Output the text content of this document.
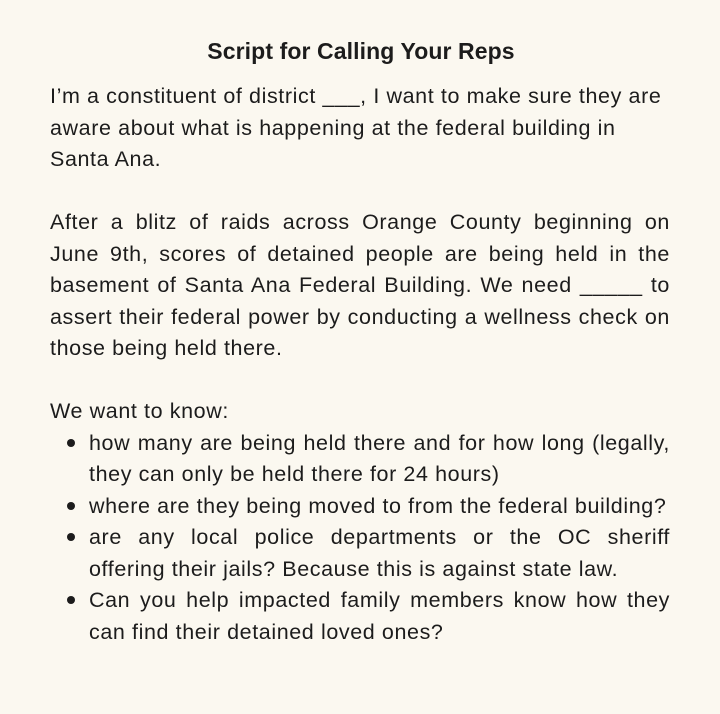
Script for Calling Your Reps

I’m a constituent of district ___, I want to make sure they are aware about what is happening at the federal building in Santa Ana.

After a blitz of raids across Orange County beginning on June 9th, scores of detained people are being held in the basement of Santa Ana Federal Building. We need _____ to assert their federal power by conducting a wellness check on those being held there.

We want to know:

how many are being held there and for how long (legally, they can only be held there for 24 hours)
where are they being moved to from the federal building?
are any local police departments or the OC sheriff offering their jails? Because this is against state law.
Can you help impacted family members know how they can find their detained loved ones?
